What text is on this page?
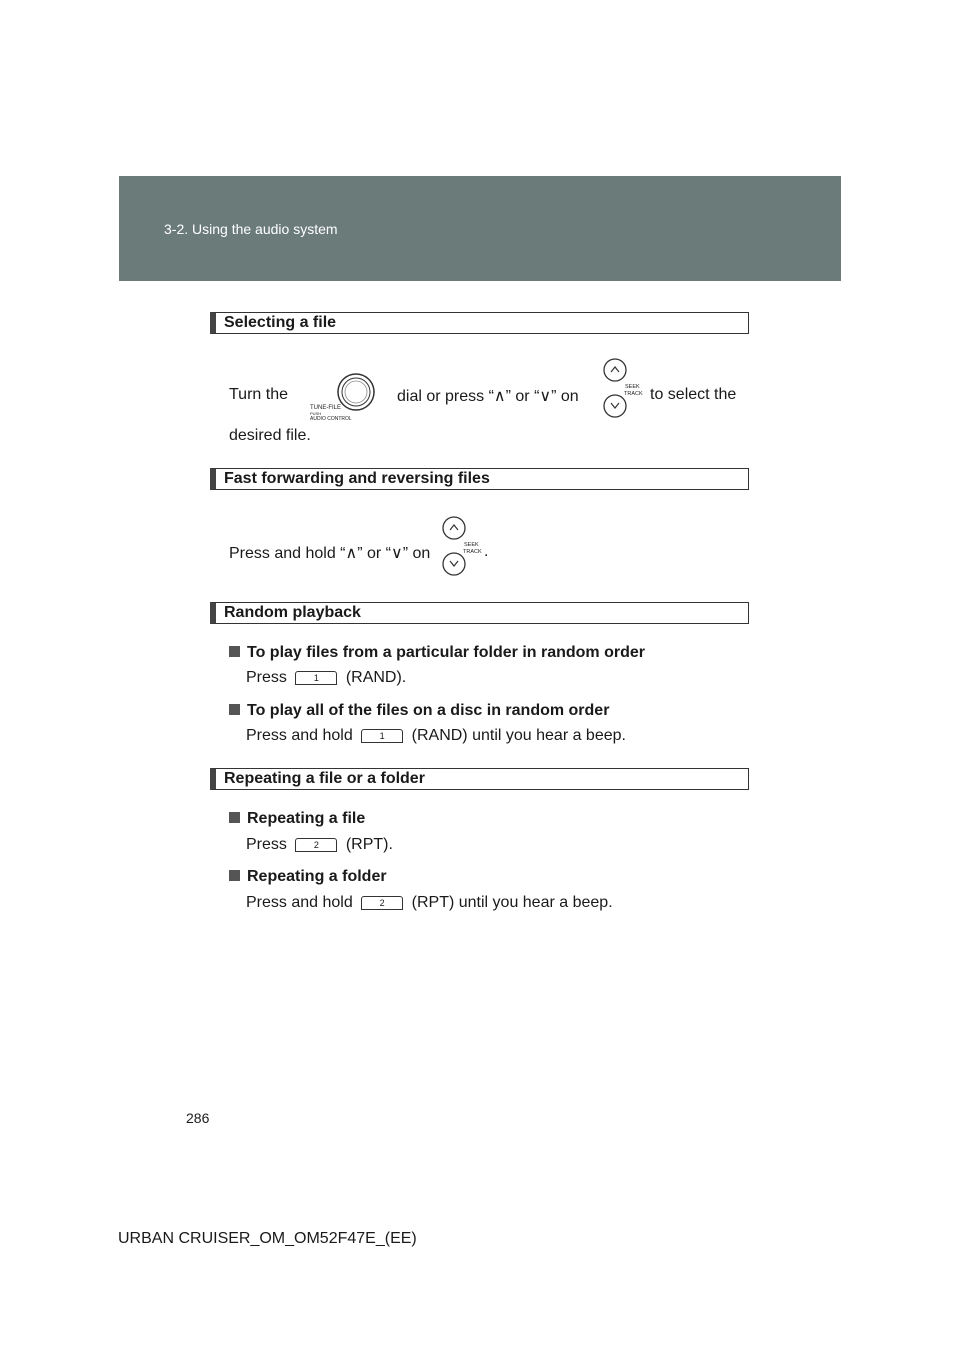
3-2. Using the audio system
Selecting a file
Turn the
TUNE-FILE
PUSH
AUDIO CONTROL
dial or press “∧” or “∨” on
SEEK
TRACK to select the
desired file.
Fast forwarding and reversing files
Press and hold “∧” or “∨” on	SEEK
TRACK .
Random playback
To play files from a particular folder in random order
Press	1 (RAND).
To play all of the files on a disc in random order
Press and hold	1 (RAND) until you hear a beep.
Repeating a file or a folder
Repeating a file
Press	2 (RPT).
Repeating a folder
Press and hold	2 (RPT) until you hear a beep.
286
URBAN CRUISER_OM_OM52F47E_(EE)
